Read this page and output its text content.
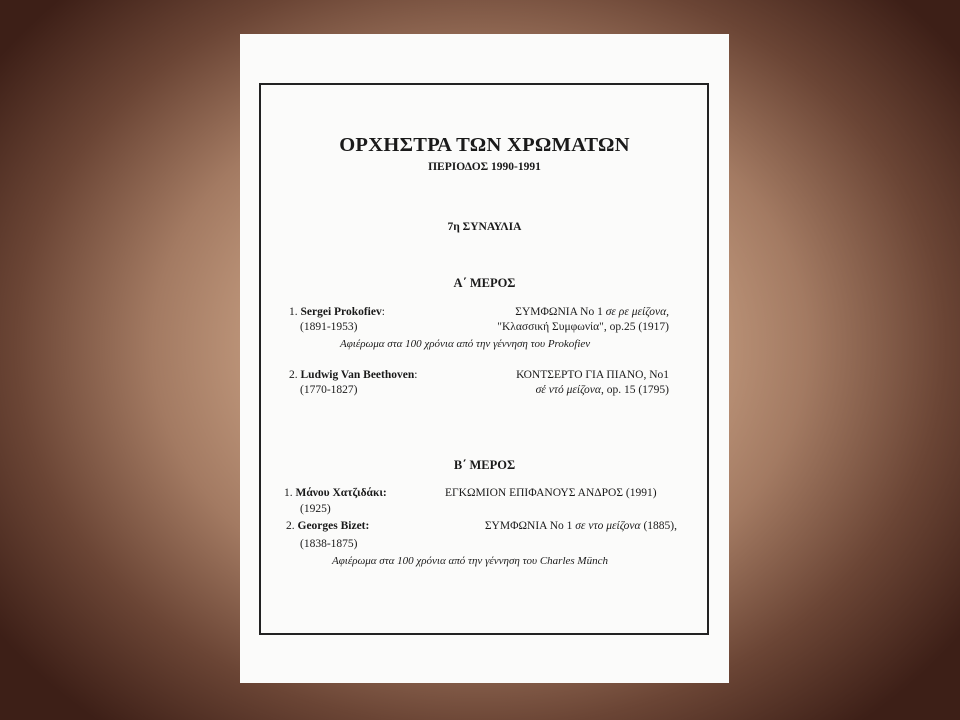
ΟΡΧΗΣΤΡΑ ΤΩΝ ΧΡΩΜΑΤΩΝ
ΠΕΡΙΟΔΟΣ 1990-1991
7η ΣΥΝΑΥΛΙΑ
Α΄ ΜΕΡΟΣ
1. Sergei Prokofiev:
(1891-1953)
ΣΥΜΦΩΝΙΑ Νο 1 σε ρε μείζονα,
"Κλασσική Συμφωνία", op.25 (1917)
Αφιέρωμα στα 100 χρόνια από την γέννηση του Prokofiev
2. Ludwig Van Beethoven:
(1770-1827)
ΚΟΝΤΣΕΡΤΟ ΓΙΑ ΠΙΑΝΟ, Νο1
σέ ντό μείζονα, op. 15 (1795)
Β΄ ΜΕΡΟΣ
1. Μάνου Χατζιδάκι:
(1925)
ΕΓΚΩΜΙΟΝ ΕΠΙΦΑΝΟΥΣ ΑΝΔΡΟΣ (1991)
2. Georges Bizet:
(1838-1875)
ΣΥΜΦΩΝΙΑ Νο 1 σε ντο μείζονα (1885),
Αφιέρωμα στα 100 χρόνια από την γέννηση του Charles Münch
